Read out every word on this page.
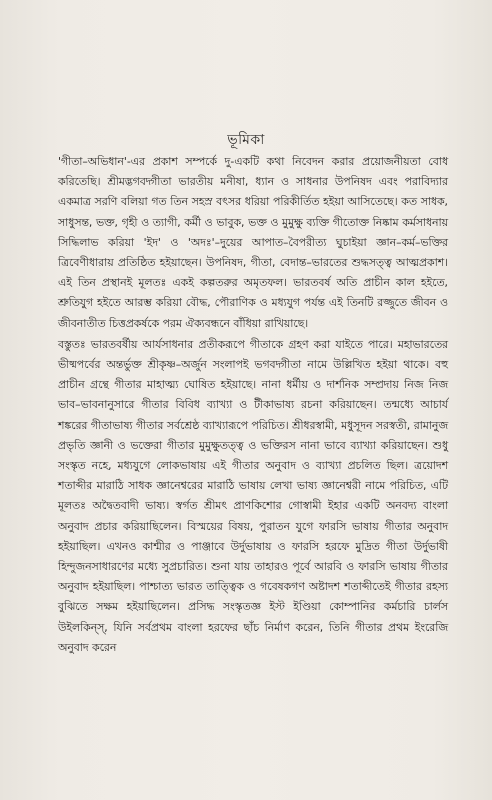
ভূমিকা

'গীতা–অভিধান'-এর প্রকাশ সম্পর্কে দু-একটি কথা নিবেদন করার প্রয়োজনীয়তা বোধ করিতেছি। শ্রীমদ্ভগবদ্গীতা ভারতীয় মনীষা, ধ্যান ও সাধনার উপনিষদ এবং পরাবিদ্যার একমাত্র সরণি বলিয়া গত তিন সহস্র বৎসর ধরিয়া পরিকীর্তিত হইয়া আসিতেছে। কত সাধক, সাধুসন্ত, ভক্ত, গৃহী ও ত্যাগী, কর্মী ও ভাবুক, ভক্ত ও মুমুক্ষু ব্যক্তি গীতোক্ত নিষ্কাম কর্মসাধনায় সিদ্ধিলাভ করিয়া 'ইদ' ও 'অদঃ'–দুয়ের আপাত–বৈপরীত্য ঘুচাইয়া জ্ঞান–কর্ম–ভক্তির ত্রিবেণীধারায় প্রতিষ্ঠিত হইয়াছেন। উপনিষদ, গীতা, বেদান্ত–ভারতের শুদ্ধসত্ত্ব আত্মপ্রকাশ। এই তিন প্রস্থানই মূলতঃ একই কল্পতরুর অমৃতফল। ভারতবর্ষ অতি প্রাচীন কাল হইতে, শ্রুতিযুগ হইতে আরম্ভ করিয়া বৌদ্ধ, পৌরাণিক ও মধ্যযুগ পর্যন্ত এই তিনটি রজ্জুতে জীবন ও জীবনাতীত চিত্তপ্রকর্ষকে পরম ঐক্যবন্ধনে বাঁধিয়া রাখিয়াছে।

বস্তুতঃ ভারতবর্ষীয় আর্যসাধনার প্রতীকরূপে গীতাকে গ্রহণ করা যাইতে পারে। মহাভারতের ভীষ্মপর্বের অন্তর্ভুক্ত শ্রীকৃষ্ণ–অর্জুন সংলাপই ভগবদ্গীতা নামে উল্লিখিত হইয়া থাকে। বহু প্রাচীন গ্রন্থে গীতার মাহাত্ম্য ঘোষিত হইয়াছে। নানা ধর্মীয় ও দার্শনিক সম্প্রদায় নিজ নিজ ভাব–ভাবনানুসারে গীতার বিবিধ ব্যাখ্যা ও টীকাভাষ্য রচনা করিয়াছেন। তন্মধ্যে আচার্য শঙ্করের গীতাভাষ্য গীতার সর্বশ্রেষ্ঠ ব্যাখ্যারূপে পরিচিত। শ্রীধরস্বামী, মধুসূদন সরস্বতী, রামানুজ প্রভৃতি জ্ঞানী ও ভক্তেরা গীতার মুমুক্ষুতত্ত্ব ও ভক্তিরস নানা ভাবে ব্যাখ্যা করিয়াছেন। শুধু সংস্কৃত নহে, মধ্যযুগে লোকভাষায় এই গীতার অনুবাদ ও ব্যাখ্যা প্রচলিত ছিল। ত্রয়োদশ শতাব্দীর মারাঠি সাধক জ্ঞানেশ্বরের মারাঠি ভাষায় লেখা ভাষ্য জ্ঞানেশ্বরী নামে পরিচিত, এটি মূলতঃ অদ্বৈতবাদী ভাষ্য। স্বর্গত শ্রীমৎ প্রাণকিশোর গোস্বামী ইহার একটি অনবদ্য বাংলা অনুবাদ প্রচার করিয়াছিলেন। বিস্ময়ের বিষয়, পুরাতন যুগে ফারসি ভাষায় গীতার অনুবাদ হইয়াছিল। এখনও কাশ্মীর ও পাঞ্জাবে উর্দুভাষায় ও ফারসি হরফে মুদ্রিত গীতা উর্দুভাষী হিন্দুজনসাধারণের মধ্যে সুপ্রচারিত। শুনা যায় তাহারও পূর্বে আরবি ও ফারসি ভাষায় গীতার অনুবাদ হইয়াছিল। পাশ্চাত্য ভারত তাত্ত্বিক ও গবেষকগণ অষ্টাদশ শতাব্দীতেই গীতার রহস্য বুঝিতে সক্ষম হইয়াছিলেন। প্রসিদ্ধ সংস্কৃতজ্ঞ ইস্ট ইণ্ডিয়া কোম্পানির কর্মচারি চার্লস উইলকিন্স্, যিনি সর্বপ্রথম বাংলা হরফের ছাঁচ নির্মাণ করেন, তিনি গীতার প্রথম ইংরেজি অনুবাদ করেন
